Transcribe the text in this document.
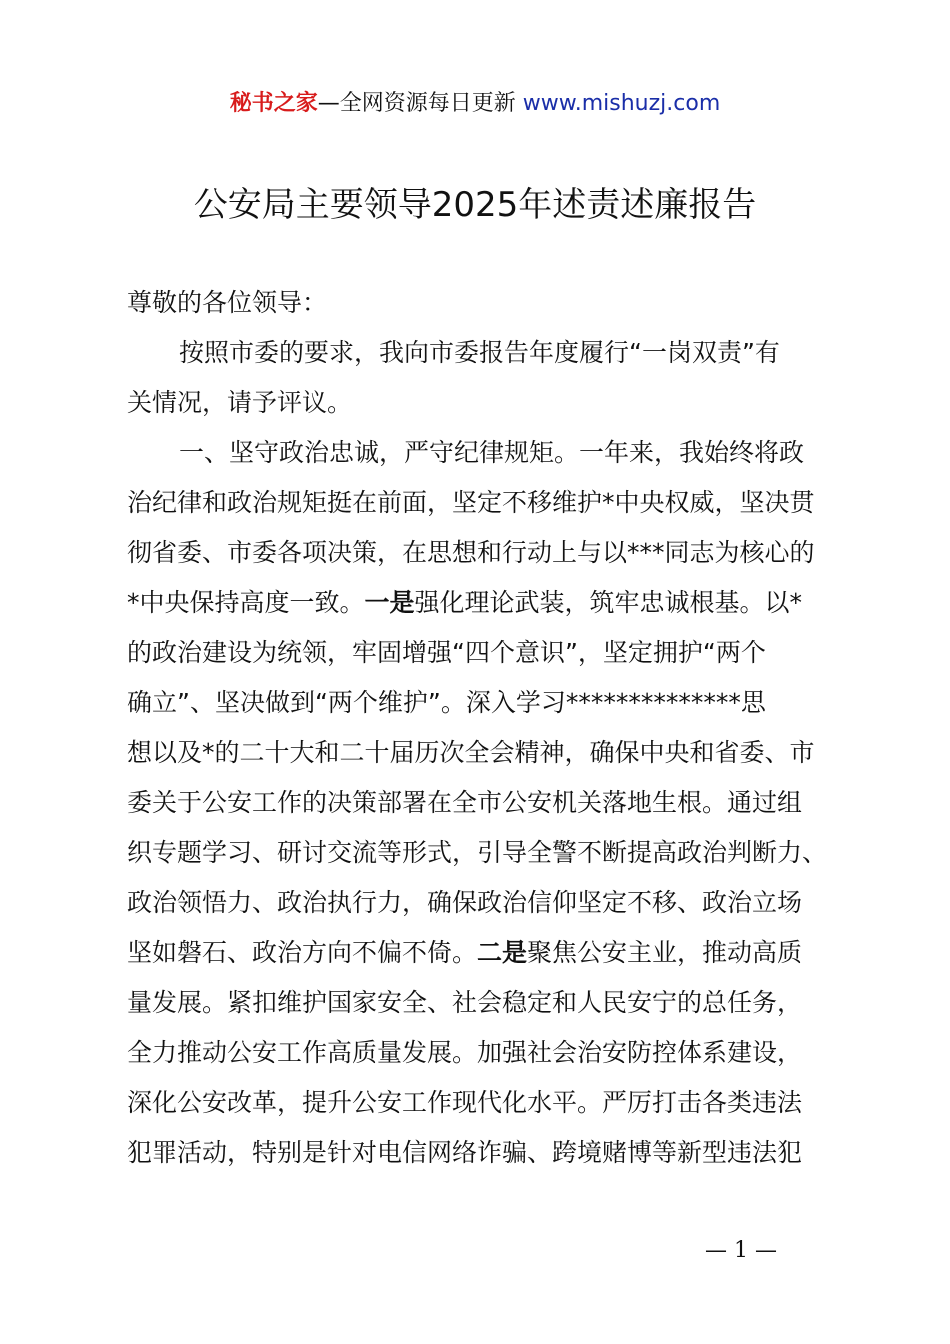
秘书之家—全网资源每日更新 www.mishuzj.com
公安局主要领导2025年述责述廉报告
尊敬的各位领导：
按照市委的要求，我向市委报告年度履行“一岗双责”有
关情况，请予评议。
一、坚守政治忠诚，严守纪律规矩。一年来，我始终将政
治纪律和政治规矩挺在前面，坚定不移维护*中央权威，坚决贯
彻省委、市委各项决策，在思想和行动上与以***同志为核心的
*中央保持高度一致。一是强化理论武装，筑牢忠诚根基。以*
的政治建设为统领，牢固增强“四个意识”，坚定拥护“两个
确立”、坚决做到“两个维护”。深入学习**************思
想以及*的二十大和二十届历次全会精神，确保中央和省委、市
委关于公安工作的决策部署在全市公安机关落地生根。通过组
织专题学习、研讨交流等形式，引导全警不断提高政治判断力、
政治领悟力、政治执行力，确保政治信仰坚定不移、政治立场
坚如磐石、政治方向不偏不倚。二是聚焦公安主业，推动高质
量发展。紧扣维护国家安全、社会稳定和人民安宁的总任务，
全力推动公安工作高质量发展。加强社会治安防控体系建设，
深化公安改革，提升公安工作现代化水平。严厉打击各类违法
犯罪活动，特别是针对电信网络诈骗、跨境赌博等新型违法犯
— 1 —
